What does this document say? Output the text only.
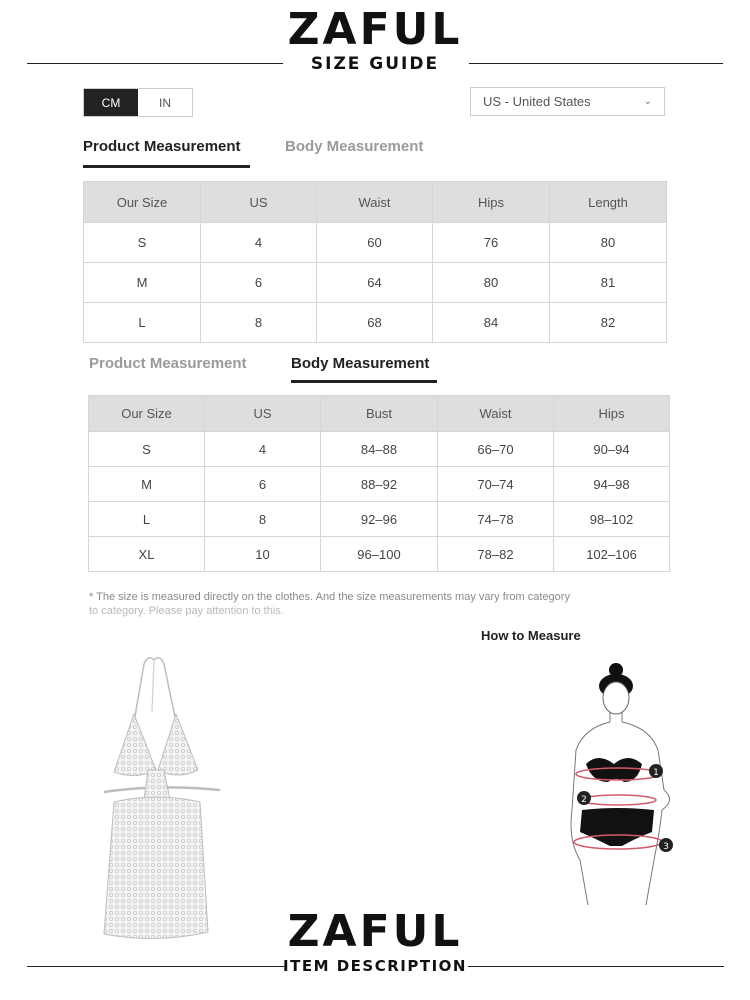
ZAFUL
SIZE GUIDE
CM	IN	US - United States	⌄
Product Measurement	Body Measurement
Our Size	US	Waist	Hips	Length
S	4	60	76	80
M	6	64	80	81
L	8	68	84	82
Product Measurement	Body Measurement
Our Size	US	Bust	Waist	Hips
S	4	84–88	66–70	90–94
M	6	88–92	70–74	94–98
L	8	92–96	74–78	98–102
XL	10	96–100	78–82	102–106
* The size is measured directly on the clothes. And the size measurements may vary from category
to category. Please pay attention to this.
How to Measure
1
2
3
ZAFUL
ITEM DESCRIPTION
